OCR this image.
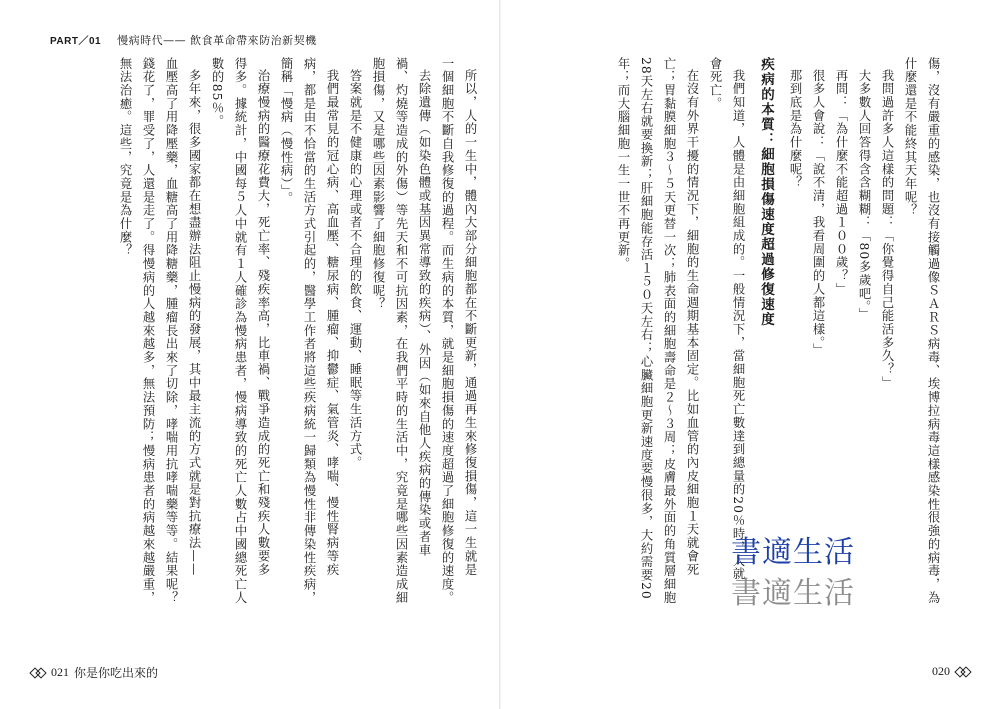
PART／01 慢病時代—— 飲食革命帶來防治新契機

所以，人的一生中，體內大部分細胞都在不斷更新，通過再生來修復損傷，這一生就是

一個細胞不斷自我修復的過程。而生病的本質，就是細胞損傷的速度超過了細胞修復的速度。

去除遺傳（如染色體或基因異常導致的疾病）、外因（如來自他人疾病的傳染或者車

禍、灼燒等造成的外傷）等先天和不可抗因素，在我們平時的生活中，究竟是哪些因素造成細

胞損傷，又是哪些因素影響了細胞修復呢？

答案就是不健康的心理或者不合理的飲食、運動、睡眠等生活方式。

我們最常見的冠心病、高血壓、糖尿病、腫瘤、抑鬱症、氣管炎、哮喘、慢性腎病等疾

病，都是由不恰當的生活方式引起的，醫學工作者將這些疾病統一歸類為慢性非傳染性疾病，

簡稱「慢病（慢性病）」。

治療慢病的醫療花費大，死亡率、殘疾率高，比車禍、戰爭造成的死亡和殘疾人數要多

得多。據統計，中國每５人中就有１人確診為慢病患者，慢病導致的死亡人數占中國總死亡人

數的85％。

多年來，很多國家都在想盡辦法阻止慢病的發展，其中最主流的方式就是對抗療法——

血壓高了用降壓藥，血糖高了用降糖藥，腫瘤長出來了切除，哮喘用抗哮喘藥等等。結果呢？

錢花了，罪受了，人還是走了。得慢病的人越來越多，無法預防；慢病患者的病越來越嚴重，

無法治癒。這些，究竟是為什麼？	傷，沒有嚴重的感染，也沒有接觸過像ＳＡＲＳ病毒、埃博拉病毒這樣感染性很強的病毒，為

什麼還是不能終其天年呢？

我問過許多人這樣的問題：「你覺得自己能活多久？」

大多數人回答得含含糊糊：「80多歲吧。」

再問：「為什麼不能超過１００歲？」

很多人會說：「說不清，我看周圍的人都這樣。」

那到底是為什麼呢？

疾病的本質：細胞損傷速度超過修復速度

我們知道，人體是由細胞組成的。一般情況下，當細胞死亡數達到總量的20％時，人就

會死亡。

在沒有外界干擾的情況下，細胞的生命週期基本固定。比如血管的內皮細胞１天就會死

亡；胃黏膜細胞３～５天更替一次；肺表面的細胞壽命是２～３周；皮膚最外面的角質層細胞

28天左右就要換新；肝細胞能存活１５０天左右；心臟細胞更新速度要慢很多，大約需要20

年；而大腦細胞一生一世不再更新。

書適生活
書適生活
021 你是你吃出來的	020
